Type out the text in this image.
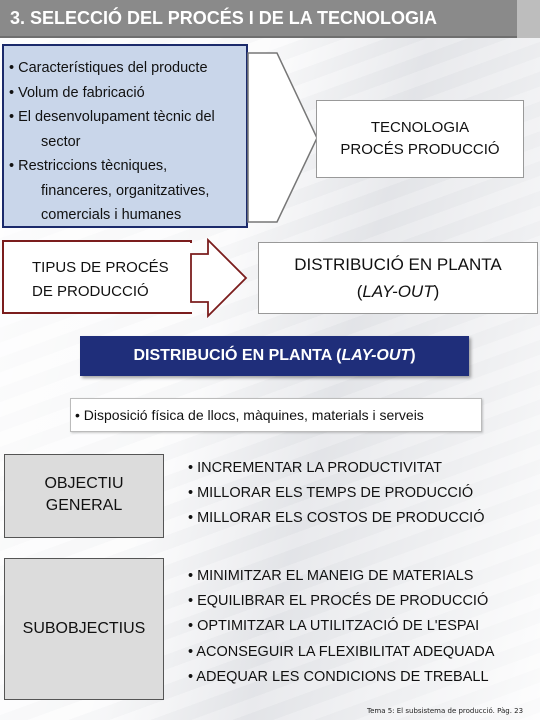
3. SELECCIÓ DEL PROCÉS I DE LA TECNOLOGIA
• Característiques del producte
• Volum de fabricació
• El desenvolupament tècnic del
sector
• Restriccions tècniques,
financeres, organitzatives,
comercials i humanes
TECNOLOGIA
PROCÉS PRODUCCIÓ
TIPUS DE PROCÉS
DE PRODUCCIÓ
DISTRIBUCIÓ EN PLANTA
(LAY-OUT)
DISTRIBUCIÓ EN PLANTA (LAY-OUT)
• Disposició física de llocs, màquines, materials i serveis
OBJECTIU
GENERAL
• INCREMENTAR LA PRODUCTIVITAT
• MILLORAR ELS TEMPS DE PRODUCCIÓ
• MILLORAR ELS COSTOS DE PRODUCCIÓ
SUBOBJECTIUS
• MINIMITZAR EL MANEIG DE MATERIALS
• EQUILIBRAR EL PROCÉS DE PRODUCCIÓ
• OPTIMITZAR LA UTILITZACIÓ DE L'ESPAI
• ACONSEGUIR LA FLEXIBILITAT ADEQUADA
• ADEQUAR LES CONDICIONS DE TREBALL
Tema 5: El subsistema de producció. Pàg. 23
